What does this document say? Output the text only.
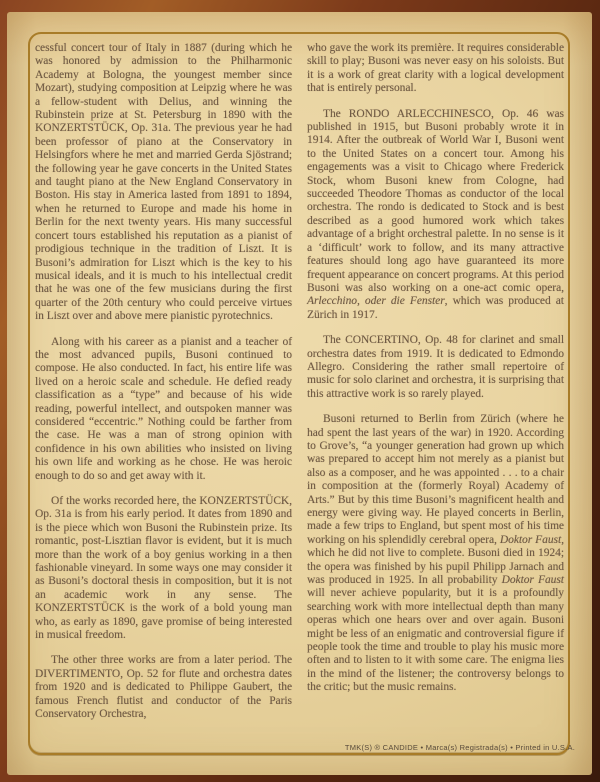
cessful concert tour of Italy in 1887 (during which he was honored by admission to the Philharmonic Academy at Bologna, the youngest member since Mozart), studying composition at Leipzig where he was a fellow-student with Delius, and winning the Rubinstein prize at St. Petersburg in 1890 with the KONZERTSTÜCK, Op. 31a. The previous year he had been professor of piano at the Conservatory in Helsingfors where he met and married Gerda Sjöstrand; the following year he gave concerts in the United States and taught piano at the New England Conservatory in Boston. His stay in America lasted from 1891 to 1894, when he returned to Europe and made his home in Berlin for the next twenty years. His many successful concert tours established his reputation as a pianist of prodigious technique in the tradition of Liszt. It is Busoni’s admiration for Liszt which is the key to his musical ideals, and it is much to his intellectual credit that he was one of the few musicians during the first quarter of the 20th century who could perceive virtues in Liszt over and above mere pianistic pyrotechnics.

Along with his career as a pianist and a teacher of the most advanced pupils, Busoni continued to compose. He also conducted. In fact, his entire life was lived on a heroic scale and schedule. He defied ready classification as a “type” and because of his wide reading, powerful intellect, and outspoken manner was considered “eccentric.” Nothing could be farther from the case. He was a man of strong opinion with confidence in his own abilities who insisted on living his own life and working as he chose. He was heroic enough to do so and get away with it.

Of the works recorded here, the KONZERTSTÜCK, Op. 31a is from his early period. It dates from 1890 and is the piece which won Busoni the Rubinstein prize. Its romantic, post-Lisztian flavor is evident, but it is much more than the work of a boy genius working in a then fashionable vineyard. In some ways one may consider it as Busoni’s doctoral thesis in composition, but it is not an academic work in any sense. The KONZERTSTÜCK is the work of a bold young man who, as early as 1890, gave promise of being interested in musical freedom.

The other three works are from a later period. The DIVERTIMENTO, Op. 52 for flute and orchestra dates from 1920 and is dedicated to Philippe Gaubert, the famous French flutist and conductor of the Paris Conservatory Orchestra,

who gave the work its première. It requires considerable skill to play; Busoni was never easy on his soloists. But it is a work of great clarity with a logical development that is entirely personal.

The RONDO ARLECCHINESCO, Op. 46 was published in 1915, but Busoni probably wrote it in 1914. After the outbreak of World War I, Busoni went to the United States on a concert tour. Among his engagements was a visit to Chicago where Frederick Stock, whom Busoni knew from Cologne, had succeeded Theodore Thomas as conductor of the local orchestra. The rondo is dedicated to Stock and is best described as a good humored work which takes advantage of a bright orchestral palette. In no sense is it a ‘difficult’ work to follow, and its many attractive features should long ago have guaranteed its more frequent appearance on concert programs. At this period Busoni was also working on a one-act comic opera, Arlecchino, oder die Fenster, which was produced at Zürich in 1917.

The CONCERTINO, Op. 48 for clarinet and small orchestra dates from 1919. It is dedicated to Edmondo Allegro. Considering the rather small repertoire of music for solo clarinet and orchestra, it is surprising that this attractive work is so rarely played.

Busoni returned to Berlin from Zürich (where he had spent the last years of the war) in 1920. According to Grove’s, “a younger generation had grown up which was prepared to accept him not merely as a pianist but also as a composer, and he was appointed . . . to a chair in composition at the (formerly Royal) Academy of Arts.” But by this time Busoni’s magnificent health and energy were giving way. He played concerts in Berlin, made a few trips to England, but spent most of his time working on his splendidly cerebral opera, Doktor Faust, which he did not live to complete. Busoni died in 1924; the opera was finished by his pupil Philipp Jarnach and was produced in 1925. In all probability Doktor Faust will never achieve popularity, but it is a profoundly searching work with more intellectual depth than many operas which one hears over and over again. Busoni might be less of an enigmatic and controversial figure if people took the time and trouble to play his music more often and to listen to it with some care. The enigma lies in the mind of the listener; the controversy belongs to the critic; but the music remains.

TMK(S) ® CANDIDE • Marca(s) Registrada(s) • Printed in U.S.A.
